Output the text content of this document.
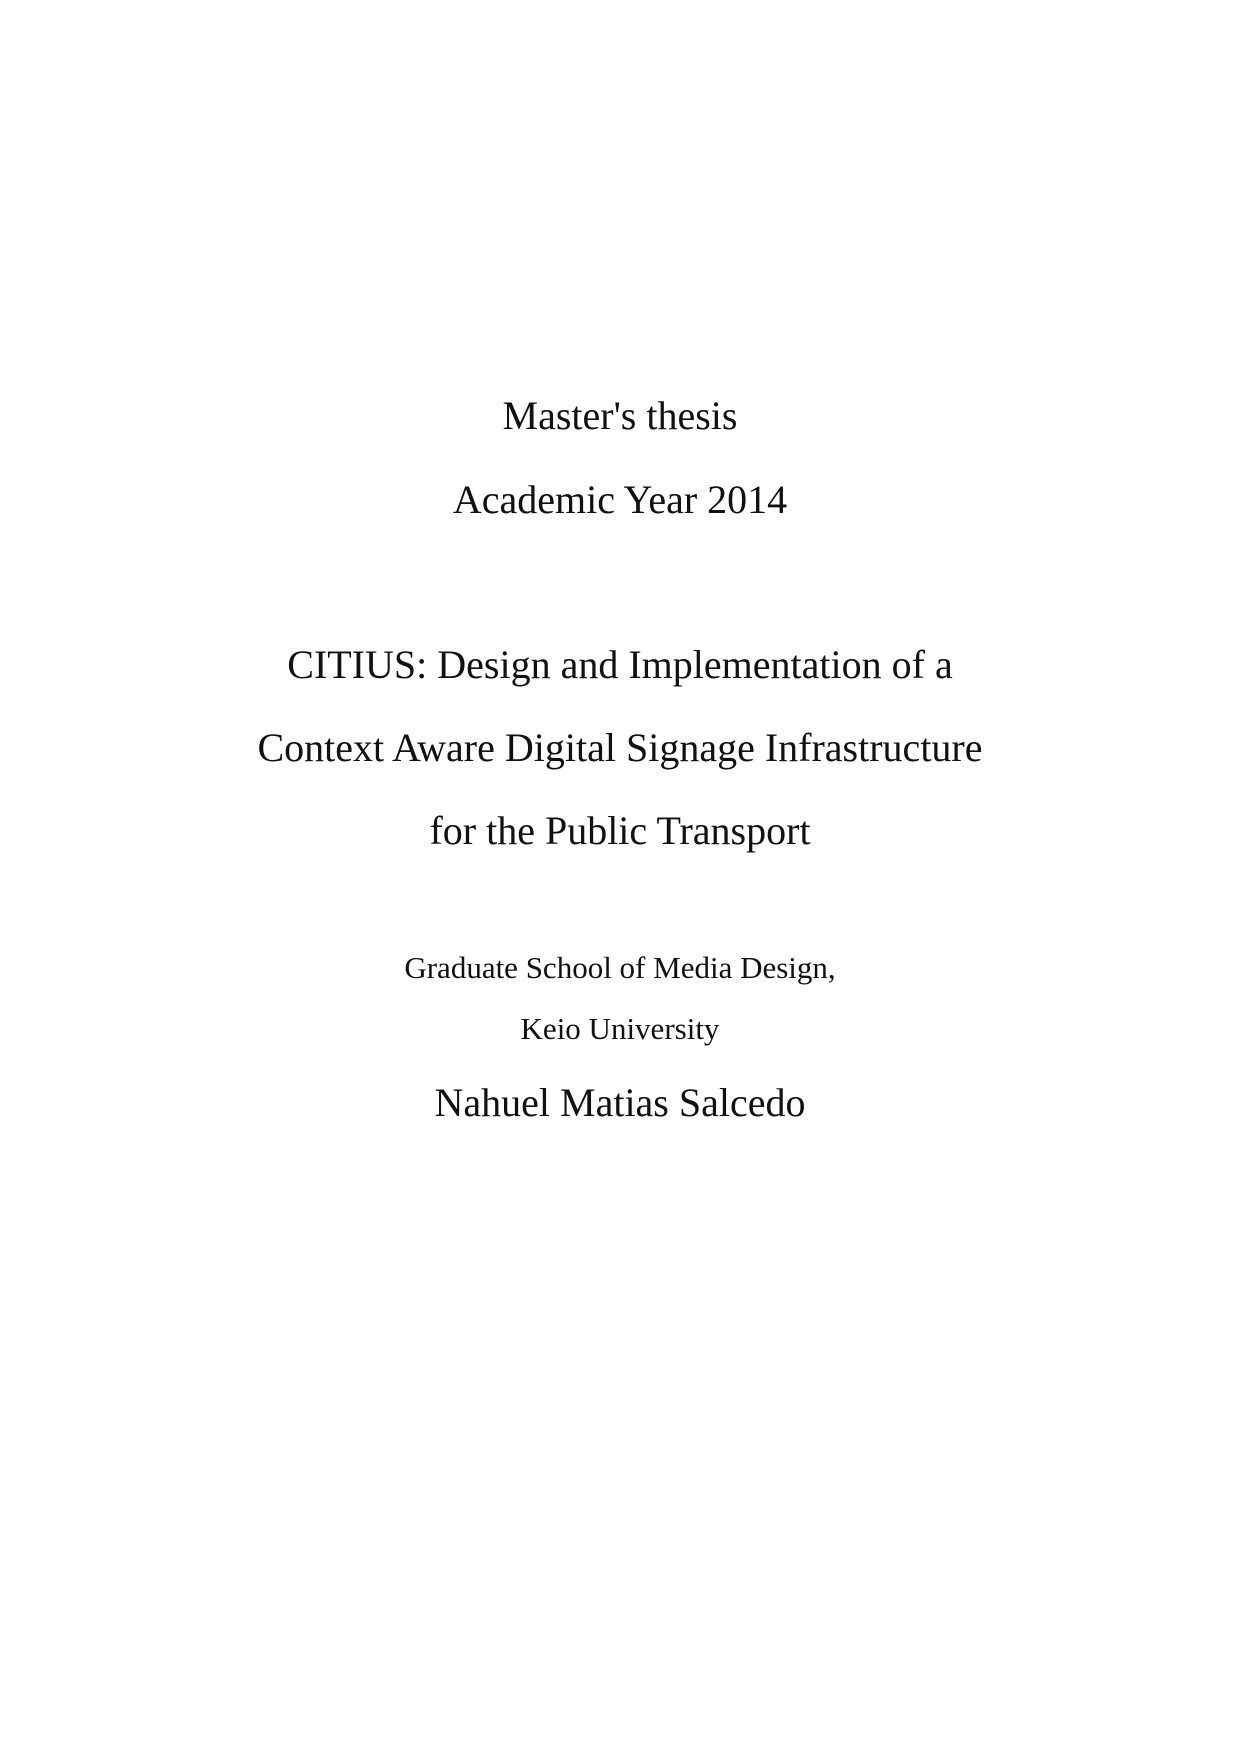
Master's thesis
Academic Year 2014
CITIUS: Design and Implementation of a
Context Aware Digital Signage Infrastructure
for the Public Transport
Graduate School of Media Design,
Keio University
Nahuel Matias Salcedo
